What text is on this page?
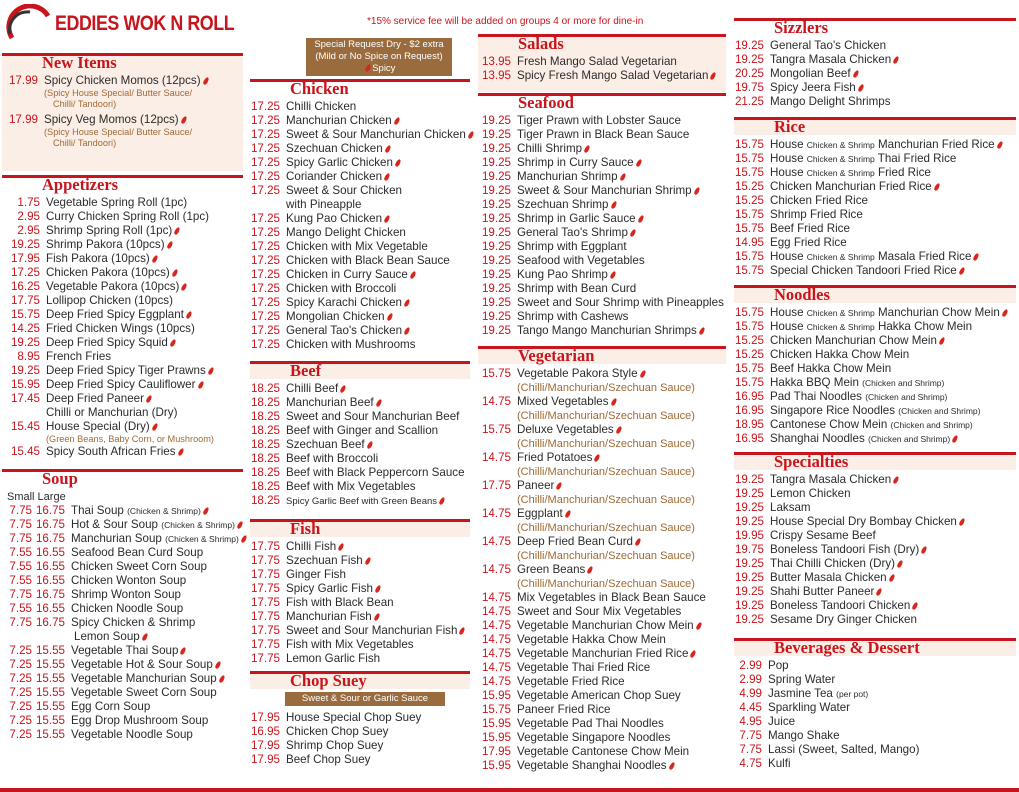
EDDIES WOK N ROLL	*15% service fee will be added on groups 4 or more for dine-in
Special Request Dry - $2 extra
(Mild or No Spice on Request)

Spicy
New Items
17.99 Spicy Chicken Momos (12pcs)
(Spicy House Special/ Butter Sauce/
Chilli/ Tandoori)
17.99 Spicy Veg Momos (12pcs)
(Spicy House Special/ Butter Sauce/
Chilli/ Tandoori)
Appetizers
1.75 Vegetable Spring Roll (1pc)
2.95 Curry Chicken Spring Roll (1pc)
2.95 Shrimp Spring Roll (1pc)
19.25 Shrimp Pakora (10pcs)
17.95 Fish Pakora (10pcs)
17.25 Chicken Pakora (10pcs)
16.25 Vegetable Pakora (10pcs)
17.75 Lollipop Chicken (10pcs)
15.75 Deep Fried Spicy Eggplant
14.25 Fried Chicken Wings (10pcs)
19.25 Deep Fried Spicy Squid
8.95 French Fries
19.25 Deep Fried Spicy Tiger Prawns
15.95 Deep Fried Spicy Cauliflower
17.45 Deep Fried Paneer
Chilli or Manchurian (Dry)
15.45 House Special (Dry)
(Green Beans, Baby Corn, or Mushroom)
15.45 Spicy South African Fries
Soup
Small Large
7.75 16.75 Thai Soup (Chicken & Shrimp)
7.75 16.75 Hot & Sour Soup (Chicken & Shrimp)
7.75 16.75 Manchurian Soup (Chicken & Shrimp)
7.55 16.55 Seafood Bean Curd Soup
7.55 16.55 Chicken Sweet Corn Soup
7.55 16.55 Chicken Wonton Soup
7.75 16.75 Shrimp Wonton Soup
7.55 16.55 Chicken Noodle Soup
7.75 16.75 Spicy Chicken & Shrimp
Lemon Soup
7.25 15.55 Vegetable Thai Soup
7.25 15.55 Vegetable Hot & Sour Soup
7.25 15.55 Vegetable Manchurian Soup
7.25 15.55 Vegetable Sweet Corn Soup
7.25 15.55 Egg Corn Soup
7.25 15.55 Egg Drop Mushroom Soup
7.25 15.55 Vegetable Noodle Soup
Chicken
17.25 Chilli Chicken
17.25 Manchurian Chicken
17.25 Sweet & Sour Manchurian Chicken
17.25 Szechuan Chicken
17.25 Spicy Garlic Chicken
17.25 Coriander Chicken
17.25 Sweet & Sour Chicken
with Pineapple
17.25 Kung Pao Chicken
17.25 Mango Delight Chicken
17.25 Chicken with Mix Vegetable
17.25 Chicken with Black Bean Sauce
17.25 Chicken in Curry Sauce
17.25 Chicken with Broccoli
17.25 Spicy Karachi Chicken
17.25 Mongolian Chicken
17.25 General Tao's Chicken
17.25 Chicken with Mushrooms
Beef
18.25 Chilli Beef
18.25 Manchurian Beef
18.25 Sweet and Sour Manchurian Beef
18.25 Beef with Ginger and Scallion
18.25 Szechuan Beef
18.25 Beef with Broccoli
18.25 Beef with Black Peppercorn Sauce
18.25 Beef with Mix Vegetables
18.25 Spicy Garlic Beef with Green Beans
Fish
17.75 Chilli Fish
17.75 Szechuan Fish
17.75 Ginger Fish
17.75 Spicy Garlic Fish
17.75 Fish with Black Bean
17.75 Manchurian Fish
17.75 Sweet and Sour Manchurian Fish
17.75 Fish with Mix Vegetables
17.75 Lemon Garlic Fish
Chop Suey
Sweet & Sour or Garlic Sauce
17.95 House Special Chop Suey
16.95 Chicken Chop Suey
17.95 Shrimp Chop Suey
17.95 Beef Chop Suey
Salads
13.95 Fresh Mango Salad Vegetarian
13.95 Spicy Fresh Mango Salad Vegetarian
Seafood
19.25 Tiger Prawn with Lobster Sauce
19.25 Tiger Prawn in Black Bean Sauce
19.25 Chilli Shrimp
19.25 Shrimp in Curry Sauce
19.25 Manchurian Shrimp
19.25 Sweet & Sour Manchurian Shrimp
19.25 Szechuan Shrimp
19.25 Shrimp in Garlic Sauce
19.25 General Tao's Shrimp
19.25 Shrimp with Eggplant
19.25 Seafood with Vegetables
19.25 Kung Pao Shrimp
19.25 Shrimp with Bean Curd
19.25 Sweet and Sour Shrimp with Pineapples
19.25 Shrimp with Cashews
19.25 Tango Mango Manchurian Shrimps
Vegetarian
15.75 Vegetable Pakora Style
(Chilli/Manchurian/Szechuan Sauce)
14.75 Mixed Vegetables
(Chilli/Manchurian/Szechuan Sauce)
15.75 Deluxe Vegetables
(Chilli/Manchurian/Szechuan Sauce)
14.75 Fried Potatoes
(Chilli/Manchurian/Szechuan Sauce)
17.75 Paneer
(Chilli/Manchurian/Szechuan Sauce)
14.75 Eggplant
(Chilli/Manchurian/Szechuan Sauce)
14.75 Deep Fried Bean Curd
(Chilli/Manchurian/Szechuan Sauce)
14.75 Green Beans
(Chilli/Manchurian/Szechuan Sauce)
14.75 Mix Vegetables in Black Bean Sauce
14.75 Sweet and Sour Mix Vegetables
14.75 Vegetable Manchurian Chow Mein
14.75 Vegetable Hakka Chow Mein
14.75 Vegetable Manchurian Fried Rice
14.75 Vegetable Thai Fried Rice
14.75 Vegetable Fried Rice
15.95 Vegetable American Chop Suey
15.75 Paneer Fried Rice
15.95 Vegetable Pad Thai Noodles
15.95 Vegetable Singapore Noodles
17.95 Vegetable Cantonese Chow Mein
15.95 Vegetable Shanghai Noodles
Sizzlers
19.25 General Tao's Chicken
19.25 Tangra Masala Chicken
20.25 Mongolian Beef
19.75 Spicy Jeera Fish
21.25 Mango Delight Shrimps
Rice
15.75 House Chicken & Shrimp Manchurian Fried Rice
15.75 House Chicken & Shrimp Thai Fried Rice
15.75 House Chicken & Shrimp Fried Rice
15.25 Chicken Manchurian Fried Rice
15.25 Chicken Fried Rice
15.75 Shrimp Fried Rice
15.75 Beef Fried Rice
14.95 Egg Fried Rice
15.75 House Chicken & Shrimp Masala Fried Rice
15.75 Special Chicken Tandoori Fried Rice
Noodles
15.75 House Chicken & Shrimp Manchurian Chow Mein
15.75 House Chicken & Shrimp Hakka Chow Mein
15.25 Chicken Manchurian Chow Mein
15.25 Chicken Hakka Chow Mein
15.75 Beef Hakka Chow Mein
15.75 Hakka BBQ Mein (Chicken and Shrimp)
16.95 Pad Thai Noodles (Chicken and Shrimp)
16.95 Singapore Rice Noodles (Chicken and Shrimp)
18.95 Cantonese Chow Mein (Chicken and Shrimp)
16.95 Shanghai Noodles (Chicken and Shrimp)
Specialties
19.25 Tangra Masala Chicken
19.25 Lemon Chicken
19.25 Laksam
19.25 House Special Dry Bombay Chicken
19.95 Crispy Sesame Beef
19.75 Boneless Tandoori Fish (Dry)
19.25 Thai Chilli Chicken (Dry)
19.25 Butter Masala Chicken
19.25 Shahi Butter Paneer
19.25 Boneless Tandoori Chicken
19.25 Sesame Dry Ginger Chicken
Beverages & Dessert
2.99 Pop
2.99 Spring Water
4.99 Jasmine Tea (per pot)
4.45 Sparkling Water
4.95 Juice
7.75 Mango Shake
7.75 Lassi (Sweet, Salted, Mango)
4.75 Kulfi
